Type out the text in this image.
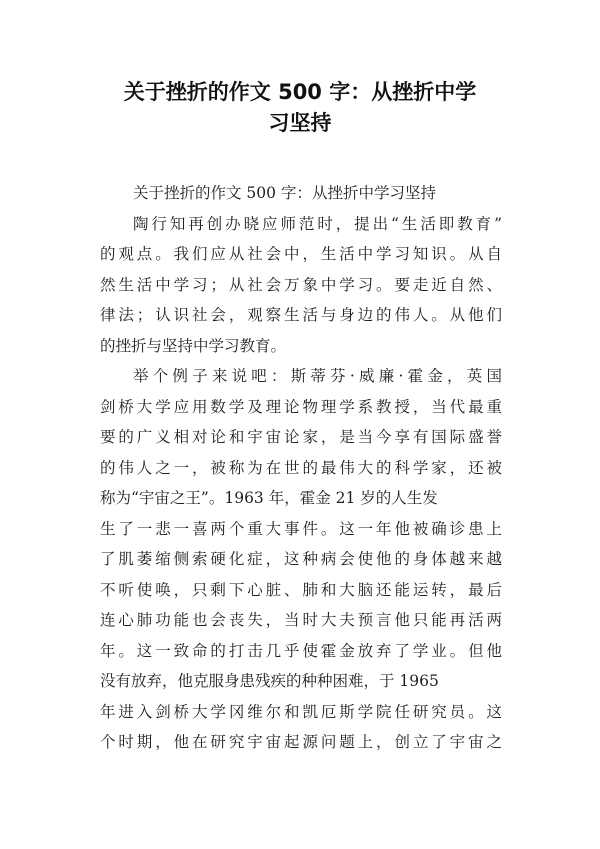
关于挫折的作文 500 字：从挫折中学
习坚持
关于挫折的作文 500 字：从挫折中学习坚持
陶行知再创办晓应师范时，提出“生活即教育”
的观点。我们应从社会中，生活中学习知识。从自
然生活中学习；从社会万象中学习。要走近自然、
律法；认识社会，观察生活与身边的伟人。从他们
的挫折与坚持中学习教育。
举个例子来说吧：斯蒂芬·威廉·霍金，英国
剑桥大学应用数学及理论物理学系教授，当代最重
要的广义相对论和宇宙论家，是当今享有国际盛誉
的伟人之一，被称为在世的最伟大的科学家，还被
称为“宇宙之王”。1963 年，霍金 21 岁的人生发
生了一悲一喜两个重大事件。这一年他被确诊患上
了肌萎缩侧索硬化症，这种病会使他的身体越来越
不听使唤，只剩下心脏、肺和大脑还能运转，最后
连心肺功能也会丧失，当时大夫预言他只能再活两
年。这一致命的打击几乎使霍金放弃了学业。但他
没有放弃，他克服身患残疾的种种困难，于 1965
年进入剑桥大学冈维尔和凯厄斯学院任研究员。这
个时期，他在研究宇宙起源问题上，创立了宇宙之
